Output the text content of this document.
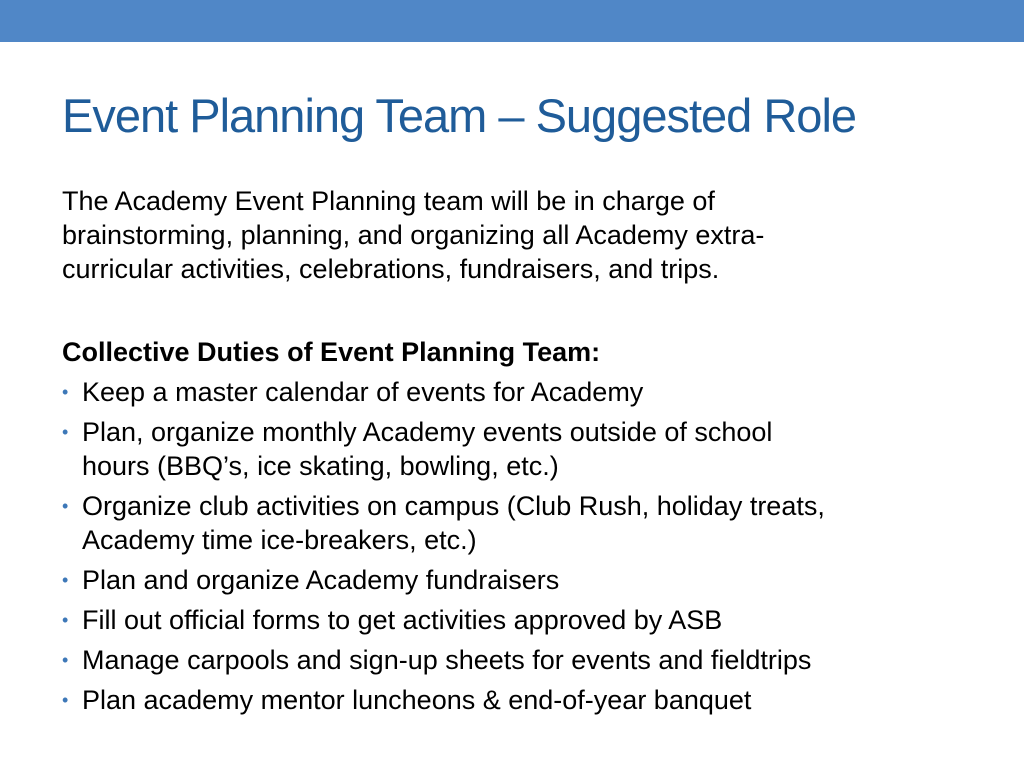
Event Planning Team – Suggested Role

The Academy Event Planning team will be in charge of
brainstorming, planning, and organizing all Academy extra-
curricular activities, celebrations, fundraisers, and trips.

Collective Duties of Event Planning Team:

• Keep a master calendar of events for Academy
• Plan, organize monthly Academy events outside of school
hours (BBQ’s, ice skating, bowling, etc.)
• Organize club activities on campus (Club Rush, holiday treats,
Academy time ice-breakers, etc.)
• Plan and organize Academy fundraisers
• Fill out official forms to get activities approved by ASB
• Manage carpools and sign-up sheets for events and fieldtrips
• Plan academy mentor luncheons & end-of-year banquet
